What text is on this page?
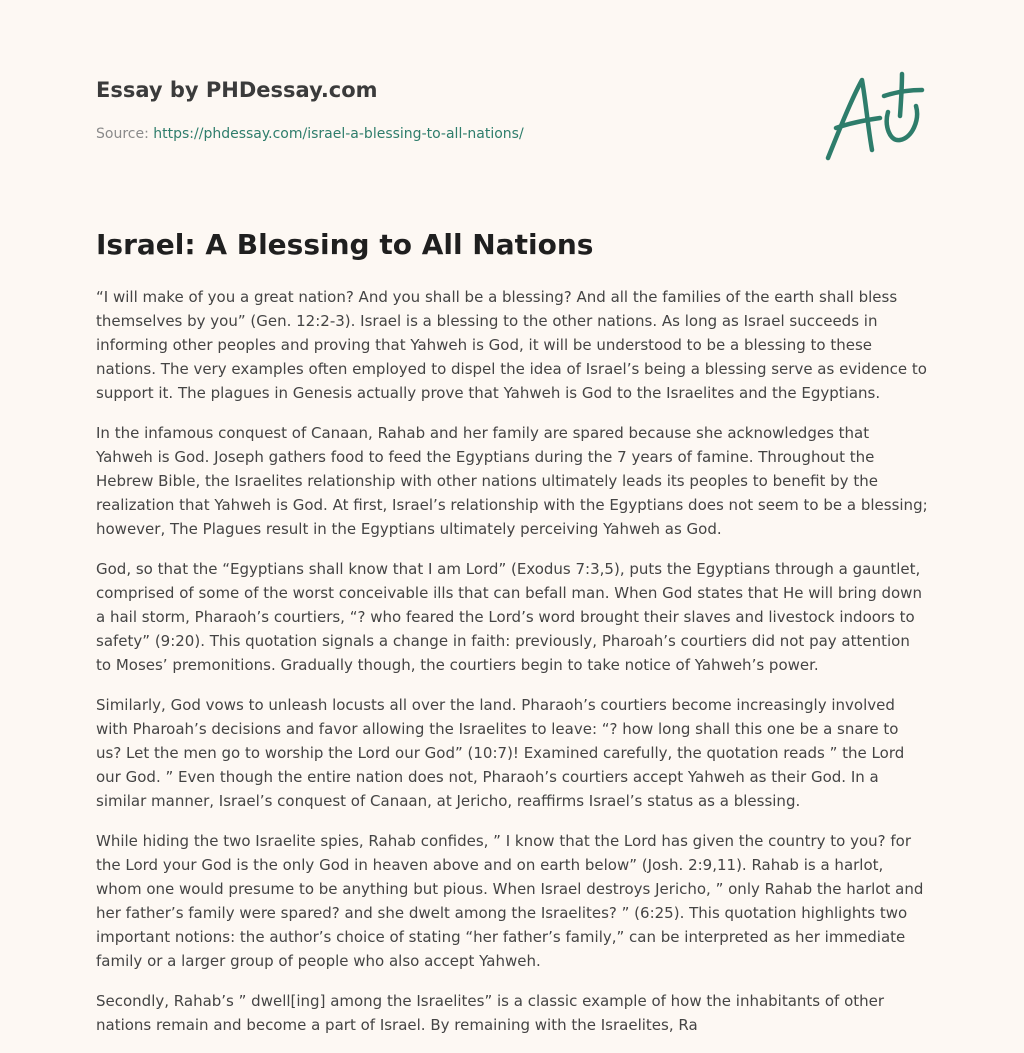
Essay by PHDessay.com
Source: https://phdessay.com/israel-a-blessing-to-all-nations/
Israel: A Blessing to All Nations

“I will make of you a great nation? And you shall be a blessing? And all the families of the earth shall bless themselves by you” (Gen. 12:2-3). Israel is a blessing to the other nations. As long as Israel succeeds in informing other peoples and proving that Yahweh is God, it will be understood to be a blessing to these nations. The very examples often employed to dispel the idea of Israel’s being a blessing serve as evidence to support it. The plagues in Genesis actually prove that Yahweh is God to the Israelites and the Egyptians.

In the infamous conquest of Canaan, Rahab and her family are spared because she acknowledges that Yahweh is God. Joseph gathers food to feed the Egyptians during the 7 years of famine. Throughout the Hebrew Bible, the Israelites relationship with other nations ultimately leads its peoples to benefit by the realization that Yahweh is God. At first, Israel’s relationship with the Egyptians does not seem to be a blessing; however, The Plagues result in the Egyptians ultimately perceiving Yahweh as God.

God, so that the “Egyptians shall know that I am Lord” (Exodus 7:3,5), puts the Egyptians through a gauntlet, comprised of some of the worst conceivable ills that can befall man. When God states that He will bring down a hail storm, Pharaoh’s courtiers, “? who feared the Lord’s word brought their slaves and livestock indoors to safety” (9:20). This quotation signals a change in faith: previously, Pharoah’s courtiers did not pay attention to Moses’ premonitions. Gradually though, the courtiers begin to take notice of Yahweh’s power.

Similarly, God vows to unleash locusts all over the land. Pharaoh’s courtiers become increasingly involved with Pharoah’s decisions and favor allowing the Israelites to leave: “? how long shall this one be a snare to us? Let the men go to worship the Lord our God” (10:7)! Examined carefully, the quotation reads ” the Lord our God. ” Even though the entire nation does not, Pharaoh’s courtiers accept Yahweh as their God. In a similar manner, Israel’s conquest of Canaan, at Jericho, reaffirms Israel’s status as a blessing.

While hiding the two Israelite spies, Rahab confides, ” I know that the Lord has given the country to you? for the Lord your God is the only God in heaven above and on earth below” (Josh. 2:9,11). Rahab is a harlot, whom one would presume to be anything but pious. When Israel destroys Jericho, ” only Rahab the harlot and her father’s family were spared? and she dwelt among the Israelites? ” (6:25). This quotation highlights two important notions: the author’s choice of stating “her father’s family,” can be interpreted as her immediate family or a larger group of people who also accept Yahweh.

Secondly, Rahab’s ” dwell[ing] among the Israelites” is a classic example of how the inhabitants of other nations remain and become a part of Israel. By remaining with the Israelites, Ra
